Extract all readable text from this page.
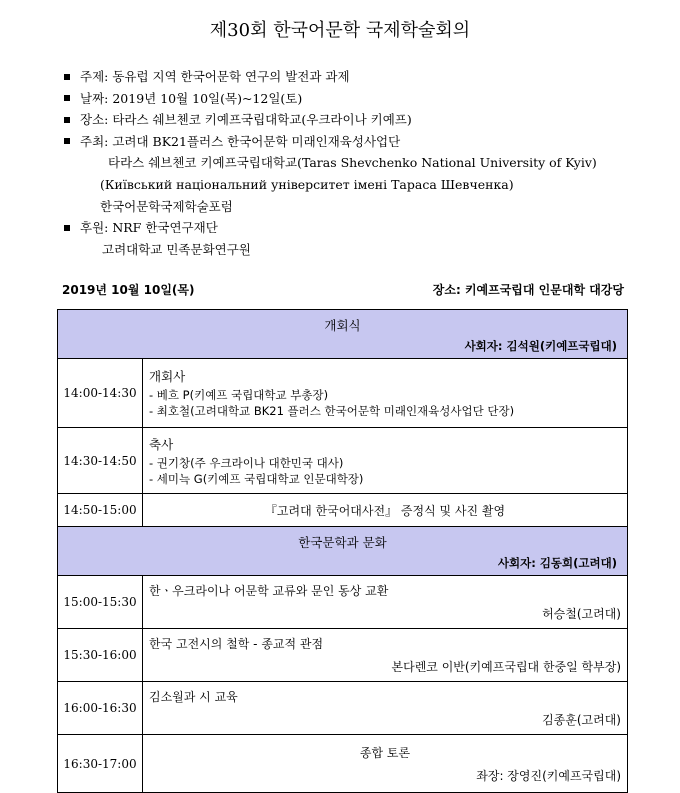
제30회 한국어문학 국제학술회의
주제: 동유럽 지역 한국어문학 연구의 발전과 과제
날짜: 2019년 10월 10일(목)~12일(토)
장소: 타라스 쉐브첸코 키예프국립대학교(우크라이나 키예프)
주최: 고려대 BK21플러스 한국어문학 미래인재육성사업단
타라스 쉐브첸코 키예프국립대학교(Taras Shevchenko National University of Kyiv)
(Київський національний університет імені Тараса Шевченка)
한국어문학국제학술포럼
후원: NRF 한국연구재단
고려대학교 민족문화연구원
2019년 10월 10일(목)	장소: 키예프국립대 인문대학 대강당
개회식
사회자: 김석원(키예프국립대)	

14:00-14:30	개회사
- 베흐 P(키예프 국립대학교 부총장)
- 최호철(고려대학교 BK21 플러스 한국어문학 미래인재육성사업단 단장)

14:30-14:50	축사
- 권기창(주 우크라이나 대한민국 대사)
- 세미늑 G(키예프 국립대학교 인문대학장)

14:50-15:00	『고려대 한국어대사전』 증정식 및 사진 촬영

한국문학과 문화
사회자: 김동희(고려대)	

15:00-15:30	한ㆍ우크라이나 어문학 교류와 문인 동상 교환
허승철(고려대)

15:30-16:00	한국 고전시의 철학 - 종교적 관점
본다렌코 이반(키예프국립대 한중일 학부장)

16:00-16:30	김소월과 시 교육
김종훈(고려대)

16:30-17:00	종합 토론
좌장: 장영진(키예프국립대)
